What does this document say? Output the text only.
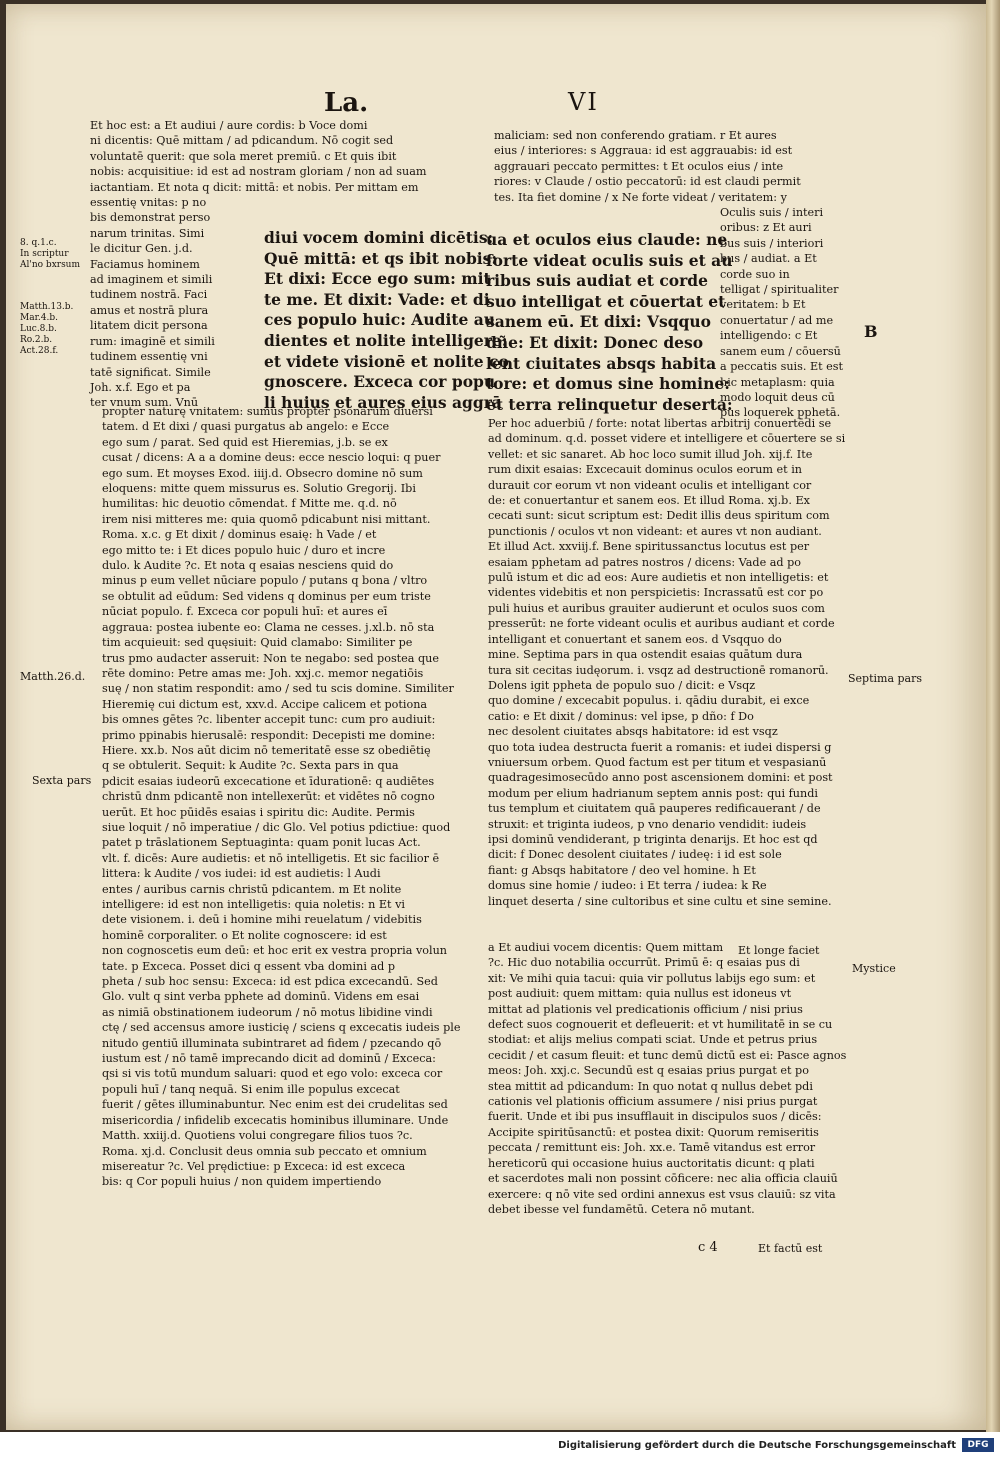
La.	VI

Et hoc est: a Et audiui / aure cordis: b Voce domi

ni dicentis: Quē mittam / ad pdicandum. Nō cogit sed

voluntatē querit: que sola meret premiū. c Et quis ibit

nobis: acquisitiue: id est ad nostram gloriam / non ad suam

iactantiam. Et nota q dicit: mittā: et nobis. Per mittam em

essentię vnitas: p no

bis demonstrat perso

narum trinitas. Simi

le dicitur Gen. j.d.

Faciamus hominem

ad imaginem et simili

tudinem nostrā. Faci

amus et nostrā plura

litatem dicit persona

rum: imaginē et simili

tudinem essentię vni

tatē significat. Simile

Joh. x.f. Ego et pa

ter vnum sum. Vnū

diui vocem domini dicētis:

Quē mittā: et qs ibit nobis:

Et dixi: Ecce ego sum: mit

te me. Et dixit: Vade: et di

ces populo huic: Audite au

dientes et nolite intelligere:

et videte visionē et nolite co

gnoscere. Exceca cor popu

li huius et aures eius aggrā

propter naturę vnitatem: sumus propter psonarum diuersi

tatem. d Et dixi / quasi purgatus ab angelo: e Ecce

ego sum / parat. Sed quid est Hieremias, j.b. se ex

cusat / dicens: A a a domine deus: ecce nescio loqui: q puer

ego sum. Et moyses Exod. iiij.d. Obsecro domine nō sum

eloquens: mitte quem missurus es. Solutio Gregorij. Ibi

humilitas: hic deuotio cōmendat. f Mitte me. q.d. nō

irem nisi mitteres me: quia quomō pdicabunt nisi mittant.

Roma. x.c. g Et dixit / dominus esaię: h Vade / et

ego mitto te: i Et dices populo huic / duro et incre

dulo. k Audite ?c. Et nota q esaias nesciens quid do

minus p eum vellet nūciare populo / putans q bona / vltro

se obtulit ad eūdum: Sed videns q dominus per eum triste

nūciat populo. f. Exceca cor populi huī: et aures eī

aggraua: postea iubente eo: Clama ne cesses. j.xl.b. nō sta

tim acquieuit: sed quęsiuit: Quid clamabo: Similiter pe

trus pmo audacter asseruit: Non te negabo: sed postea que

rēte domino: Petre amas me: Joh. xxj.c. memor negatiōis

suę / non statim respondit: amo / sed tu scis domine. Similiter

Hieremię cui dictum est, xxv.d. Accipe calicem et potiona

bis omnes gētes ?c. libenter accepit tunc: cum pro audiuit:

primo ppinabis hierusalē: respondit: Decepisti me domine:

Hiere. xx.b. Nos aūt dicim nō temeritatē esse sz obediētię

q se obtulerit. Sequit: k Audite ?c. Sexta pars in qua

pdicit esaias iudeorū excecatione et īdurationē: q audiētes

christū dnm pdicantē non intellexerūt: et vidētes nō cogno

uerūt. Et hoc pūidēs esaias i spiritu dic: Audite. Permis

siue loquit / nō imperatiue / dic Glo. Vel potius pdictiue: quod

patet p trāslationem Septuaginta: quam ponit lucas Act.

vlt. f. dicēs: Aure audietis: et nō intelligetis. Et sic facilior ē

littera: k Audite / vos iudei: id est audietis: l Audi

entes / auribus carnis christū pdicantem. m Et nolite

intelligere: id est non intelligetis: quia noletis: n Et vi

dete visionem. i. deū i homine mihi reuelatum / videbitis

hominē corporaliter. o Et nolite cognoscere: id est

non cognoscetis eum deū: et hoc erit ex vestra propria volun

tate. p Exceca. Posset dici q essent vba domini ad p

pheta / sub hoc sensu: Exceca: id est pdica excecandū. Sed

Glo. vult q sint verba pphete ad dominū. Videns em esai

as nimiā obstinationem iudeorum / nō motus libidine vindi

ctę / sed accensus amore iusticię / sciens q excecatis iudeis ple

nitudo gentiū illuminata subintraret ad fidem / pzecando qō

iustum est / nō tamē imprecando dicit ad dominū / Exceca:

qsi si vis totū mundum saluari: quod et ego volo: exceca cor

populi huī / tanq nequā. Si enim ille populus excecat

fuerit / gētes illuminabuntur. Nec enim est dei crudelitas sed

misericordia / infidelib excecatis hominibus illuminare. Unde

Matth. xxiij.d. Quotiens volui congregare filios tuos ?c.

Roma. xj.d. Conclusit deus omnia sub peccato et omnium

misereatur ?c. Vel prędictiue: p Exceca: id est exceca

bis: q Cor populi huius / non quidem impertiendo

maliciam: sed non conferendo gratiam. r Et aures

eius / interiores: s Aggraua: id est aggrauabis: id est

aggrauari peccato permittes: t Et oculos eius / inte

riores: v Claude / ostio peccatorū: id est claudi permit

tes. Ita fiet domine / x Ne forte videat / veritatem: y

Oculis suis / interi

oribus: z Et auri

bus suis / interiori

bus / audiat. a Et

corde suo in

telligat / spiritualiter

veritatem: b Et

conuertatur / ad me

intelligendo: c Et

sanem eum / cōuersū

a peccatis suis. Et est

hic metaplasm: quia

modo loquit deus cū

pus loquerek pphetā.

ua et oculos eius claude: ne

forte videat oculis suis et au

ribus suis audiat et corde

suo intelligat et cōuertat et

sanem eū. Et dixi: Vsqquo

dñe: Et dixit: Donec deso

lent ciuitates absqs habita

tore: et domus sine homine:

et terra relinquetur deserta:

Per hoc aduerbiū / forte: notat libertas arbitrij conuertēdi se

ad dominum. q.d. posset videre et intelligere et cōuertere se si

vellet: et sic sanaret. Ab hoc loco sumit illud Joh. xij.f. Ite

rum dixit esaias: Excecauit dominus oculos eorum et in

durauit cor eorum vt non videant oculis et intelligant cor

de: et conuertantur et sanem eos. Et illud Roma. xj.b. Ex

cecati sunt: sicut scriptum est: Dedit illis deus spiritum com

punctionis / oculos vt non videant: et aures vt non audiant.

Et illud Act. xxviij.f. Bene spiritussanctus locutus est per

esaiam pphetam ad patres nostros / dicens: Vade ad po

pulū istum et dic ad eos: Aure audietis et non intelligetis: et

videntes videbitis et non perspicietis: Incrassatū est cor po

puli huius et auribus grauiter audierunt et oculos suos com

presserūt: ne forte videant oculis et auribus audiant et corde

intelligant et conuertant et sanem eos. d Vsqquo do

mine. Septima pars in qua ostendit esaias quātum dura

tura sit cecitas iudęorum. i. vsqz ad destructionē romanorū.

Dolens igit ppheta de populo suo / dicit: e Vsqz

quo domine / excecabit populus. i. qādiu durabit, ei exce

catio: e Et dixit / dominus: vel ipse, p dño: f Do

nec desolent ciuitates absqs habitatore: id est vsqz

quo tota iudea destructa fuerit a romanis: et iudei dispersi g

vniuersum orbem. Quod factum est per titum et vespasianū

quadragesimosecūdo anno post ascensionem domini: et post

modum per elium hadrianum septem annis post: qui fundi

tus templum et ciuitatem quā pauperes redificauerant / de

struxit: et triginta iudeos, p vno denario vendidit: iudeis

ipsi dominū vendiderant, p triginta denarijs. Et hoc est qd

dicit: f Donec desolent ciuitates / iudeę: i id est sole

fiant: g Absqs habitatore / deo vel homine. h Et

domus sine homie / iudeo: i Et terra / iudea: k Re

linquet deserta / sine cultoribus et sine cultu et sine semine.

a Et audiui vocem dicentis: Quem mittam

?c. Hic duo notabilia occurrūt. Primū ē: q esaias pus di

xit: Ve mihi quia tacui: quia vir pollutus labijs ego sum: et

post audiuit: quem mittam: quia nullus est idoneus vt

mittat ad plationis vel predicationis officium / nisi prius

defect suos cognouerit et defleuerit: et vt humilitatē in se cu

stodiat: et alijs melius compati sciat. Unde et petrus prius

cecidit / et casum fleuit: et tunc demū dictū est ei: Pasce agnos

meos: Joh. xxj.c. Secundū est q esaias prius purgat et po

stea mittit ad pdicandum: In quo notat q nullus debet pdi

cationis vel plationis officium assumere / nisi prius purgat

fuerit. Unde et ibi pus insufflauit in discipulos suos / dicēs:

Accipite spiritūsanctū: et postea dixit: Quorum remiseritis

peccata / remittunt eis: Joh. xx.e. Tamē vitandus est error

hereticorū qui occasione huius auctoritatis dicunt: q plati

et sacerdotes mali non possint cōficere: nec alia officia clauiū

exercere: q nō vite sed ordini annexus est vsus clauiū: sz vita

debet ibesse vel fundamētū. Cetera nō mutant.

8. q.1.c.

In scriptur

Al'no bxrsum

Matth.13.b.

Mar.4.b.

Luc.8.b.

Ro.2.b.

Act.28.f.

Matth.26.d.
Sexta pars
Septima pars
Mystice
B
Et longe faciet
c 4	Et factū est
Digitalisierung gefördert durch die Deutsche Forschungsgemeinschaft	DFG
